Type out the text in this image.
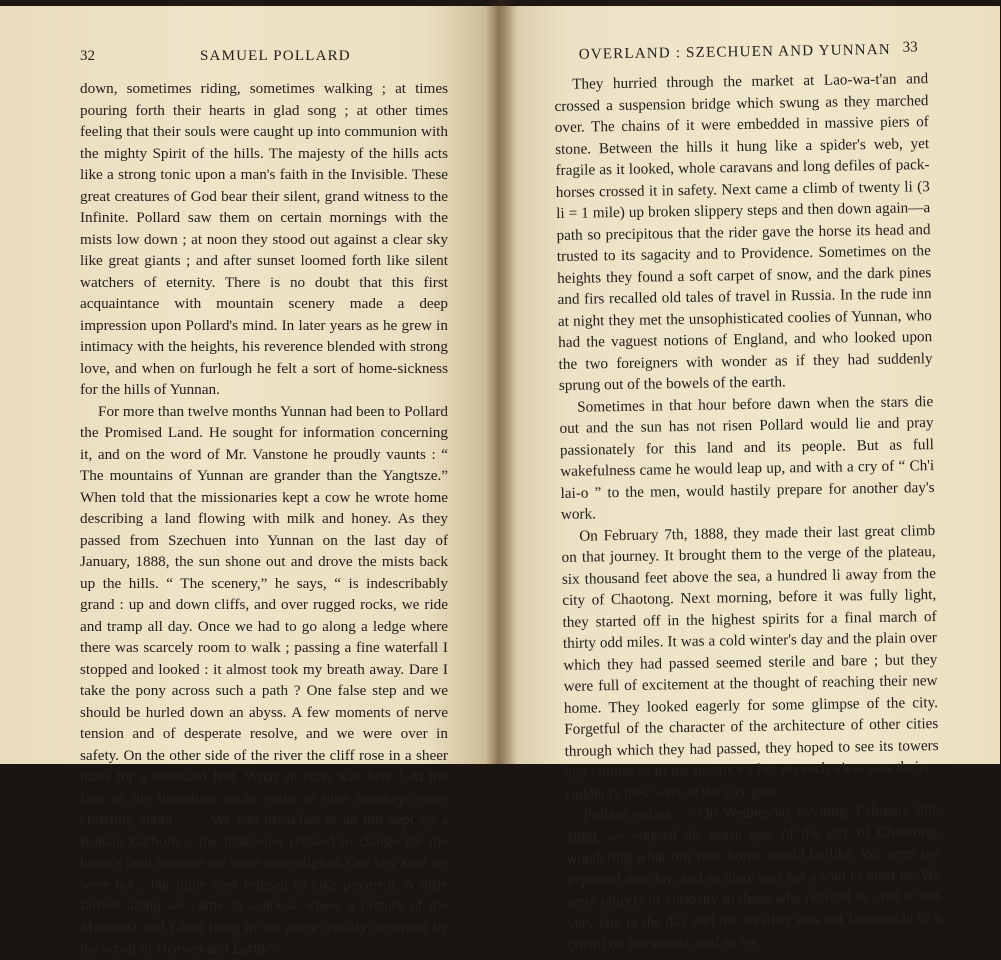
32	SAMUEL POLLARD

down, sometimes riding, sometimes walking ; at times pouring forth their hearts in glad song ; at other times feeling that their souls were caught up into communion with the mighty Spirit of the hills. The majesty of the hills acts like a strong tonic upon a man's faith in the Invisible. These great creatures of God bear their silent, grand witness to the Infinite. Pollard saw them on certain mornings with the mists low down ; at noon they stood out against a clear sky like great giants ; and after sunset loomed forth like silent watchers of eternity. There is no doubt that this first acquaintance with mountain scenery made a deep impression upon Pollard's mind. In later years as he grew in intimacy with the heights, his reverence blended with strong love, and when on furlough he felt a sort of home-sickness for the hills of Yunnan.

For more than twelve months Yunnan had been to Pollard the Promised Land. He sought for information concerning it, and on the word of Mr. Vanstone he proudly vaunts : “ The mountains of Yunnan are grander than the Yangtsze.” When told that the missionaries kept a cow he wrote home describing a land flowing with milk and honey. As they passed from Szechuen into Yunnan on the last day of January, 1888, the sun shone out and drove the mists back up the hills. “ The scenery,” he says, “ is indescribably grand : up and down cliffs, and over rugged rocks, we ride and tramp all day. Once we had to go along a ledge where there was scarcely room to walk ; passing a fine waterfall I stopped and looked : it almost took my breath away. Dare I take the pony across such a path ? One false step and we should be hurled down an abyss. A few moments of nerve tension and of desperate resolve, and we were over in safety. On the other side of the river the cliff rose in a sheer mass for a thousand feet. What an echo was here ! At the foot of the limestone rocks eight or nine monkeys were crawling about. . . . We had breakfast at an inn kept by a Roman Catholic ; the innkeeper refused to charge for the horse's feed because we were one religion. Our boy said we were not ; but mine host refused to take payment. A little farther along we came to a house where a picture of the Madonna and Child hung in the place usually occupied by the scroll of Heaven and Earth.”

OVERLAND : SZECHUEN AND YUNNAN 33

They hurried through the market at Lao-wa-t'an and crossed a suspension bridge which swung as they marched over. The chains of it were embedded in massive piers of stone. Between the hills it hung like a spider's web, yet fragile as it looked, whole caravans and long defiles of pack-horses crossed it in safety. Next came a climb of twenty li (3 li = 1 mile) up broken slippery steps and then down again—a path so precipitous that the rider gave the horse its head and trusted to its sagacity and to Providence. Sometimes on the heights they found a soft carpet of snow, and the dark pines and firs recalled old tales of travel in Russia. In the rude inn at night they met the unsophisticated coolies of Yunnan, who had the vaguest notions of England, and who looked upon the two foreigners with wonder as if they had suddenly sprung out of the bowels of the earth.

Sometimes in that hour before dawn when the stars die out and the sun has not risen Pollard would lie and pray passionately for this land and its people. But as full wakefulness came he would leap up, and with a cry of “ Ch'i lai-o ” to the men, would hastily prepare for another day's work.

On February 7th, 1888, they made their last great climb on that journey. It brought them to the verge of the plateau, six thousand feet above the sea, a hundred li away from the city of Chaotong. Next morning, before it was fully light, they started off in the highest spirits for a final march of thirty odd miles. It was a cold winter's day and the plain over which they had passed seemed sterile and bare ; but they were full of excitement at the thought of reaching their new home. They looked eagerly for some glimpse of the city. Forgetful of the character of the architecture of other cities through which they had passed, they hoped to see its towers and chimneys in the distance ; but no such view was theirs : suddenly they were at the city gate.

Pollard writes : “ On Wednesday evening, February 8th, 1888, we entered the north gate of the city of Chaotong, wondering what our new home would be like. We were not expected that day, and so there was not a soul to meet us. We were objects of curiosity to those who noticed us ; but it was very late in the day and the weather was not favourable to a crowd on the streets, and so we
